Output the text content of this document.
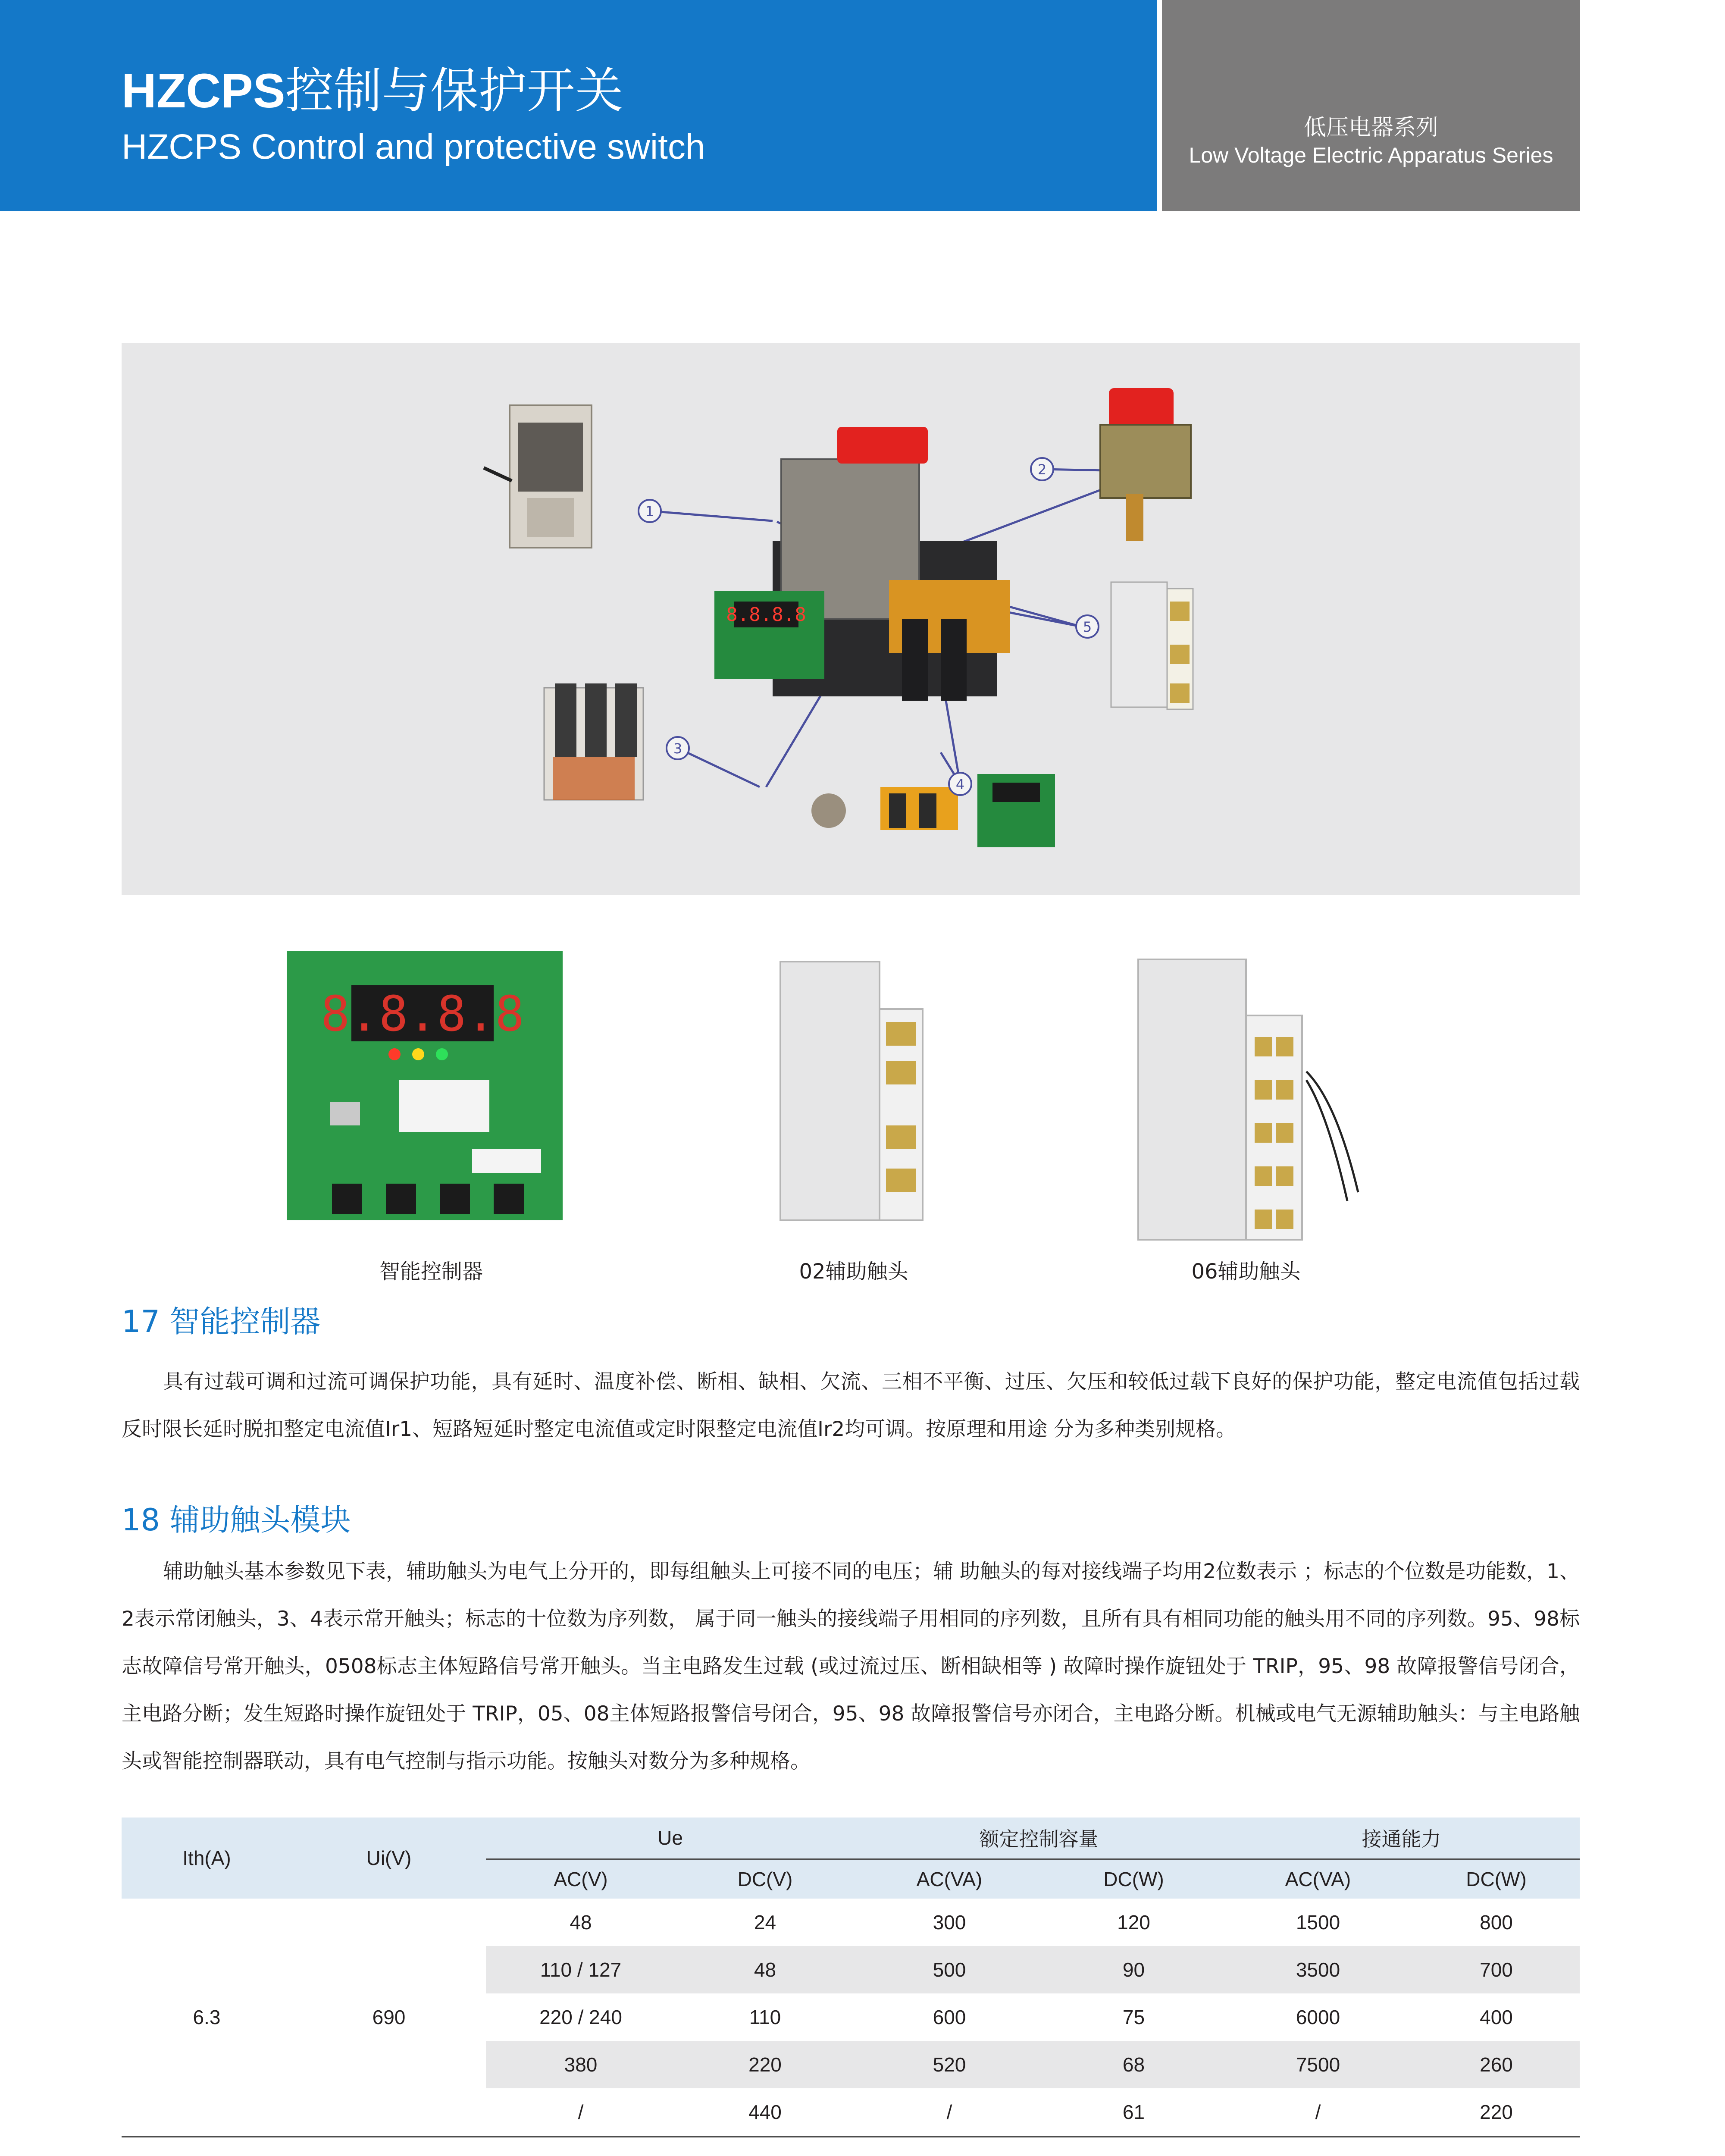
HZCPS控制与保护开关
HZCPS Control and protective switch	低压电器系列
Low Voltage Electric Apparatus Series
8.8.8.8
1
2
3
4
5
8.8.8.8
智能控制器	02辅助触头	06辅助触头
17 智能控制器

具有过载可调和过流可调保护功能，具有延时、温度补偿、断相、缺相、欠流、三相不平衡、过压、欠压和较低过载下良好的保护功能，整定电流值包括过载反时限长延时脱扣整定电流值Ir1、短路短延时整定电流值或定时限整定电流值Ir2均可调。按原理和用途 分为多种类别规格。

18 辅助触头模块

辅助触头基本参数见下表，辅助触头为电气上分开的，即每组触头上可接不同的电压；辅 助触头的每对接线端子均用2位数表示 ；标志的个位数是功能数，1、2表示常闭触头，3、4表示常开触头；标志的十位数为序列数， 属于同一触头的接线端子用相同的序列数，且所有具有相同功能的触头用不同的序列数。95、98标志故障信号常开触头，0508标志主体短路信号常开触头。当主电路发生过载 (或过流过压、断相缺相等 ) 故障时操作旋钮处于 TRIP，95、98 故障报警信号闭合，主电路分断；发生短路时操作旋钮处于 TRIP，05、08主体短路报警信号闭合，95、98 故障报警信号亦闭合，主电路分断。机械或电气无源辅助触头：与主电路触头或智能控制器联动，具有电气控制与指示功能。按触头对数分为多种规格。

Ith(A)	Ui(V)	Ue		额定控制容量		接通能力	
		AC(V)	DC(V)	AC(VA)	DC(W)	AC(VA)	DC(W)
6.3	690	48	24	300	120	1500	800
		110 / 127	48	500	90	3500	700
		220 / 240	110	600	75	6000	400
		380	220	520	68	7500	260
		/	440	/	61	/	220
